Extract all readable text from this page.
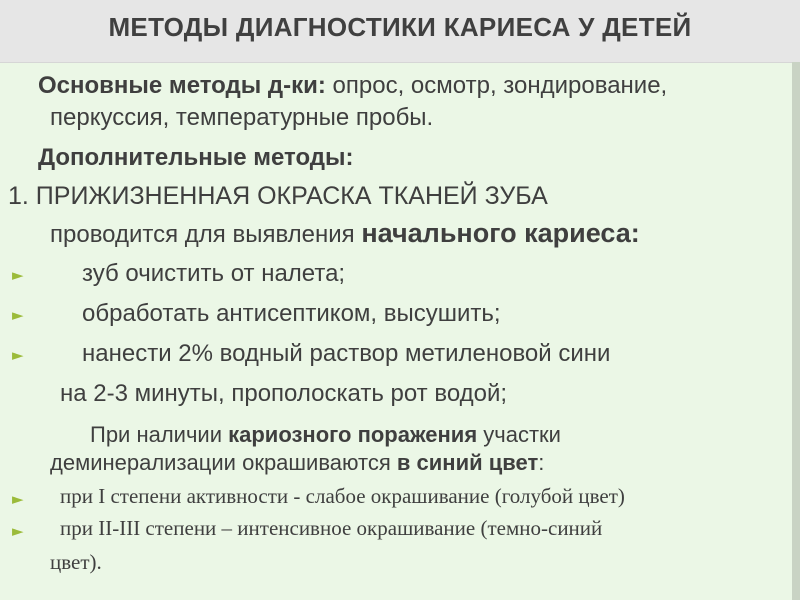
МЕТОДЫ ДИАГНОСТИКИ КАРИЕСА У ДЕТЕЙ

Основные методы д-ки: опрос, осмотр, зондирование,

перкуссия, температурные пробы.

Дополнительные методы:

1. ПРИЖИЗНЕННАЯ ОКРАСКА ТКАНЕЙ ЗУБА

проводится для выявления начального кариеса:

► зуб очистить от налета;

► обработать антисептиком, высушить;

► нанести 2% водный раствор метиленовой сини

на 2-3 минуты, прополоскать рот водой;

При наличии кариозного поражения участки

деминерализации окрашиваются в синий цвет:

► при I степени активности - слабое окрашивание (голубой цвет)

► при II-III степени – интенсивное окрашивание (темно-синий

цвет).
